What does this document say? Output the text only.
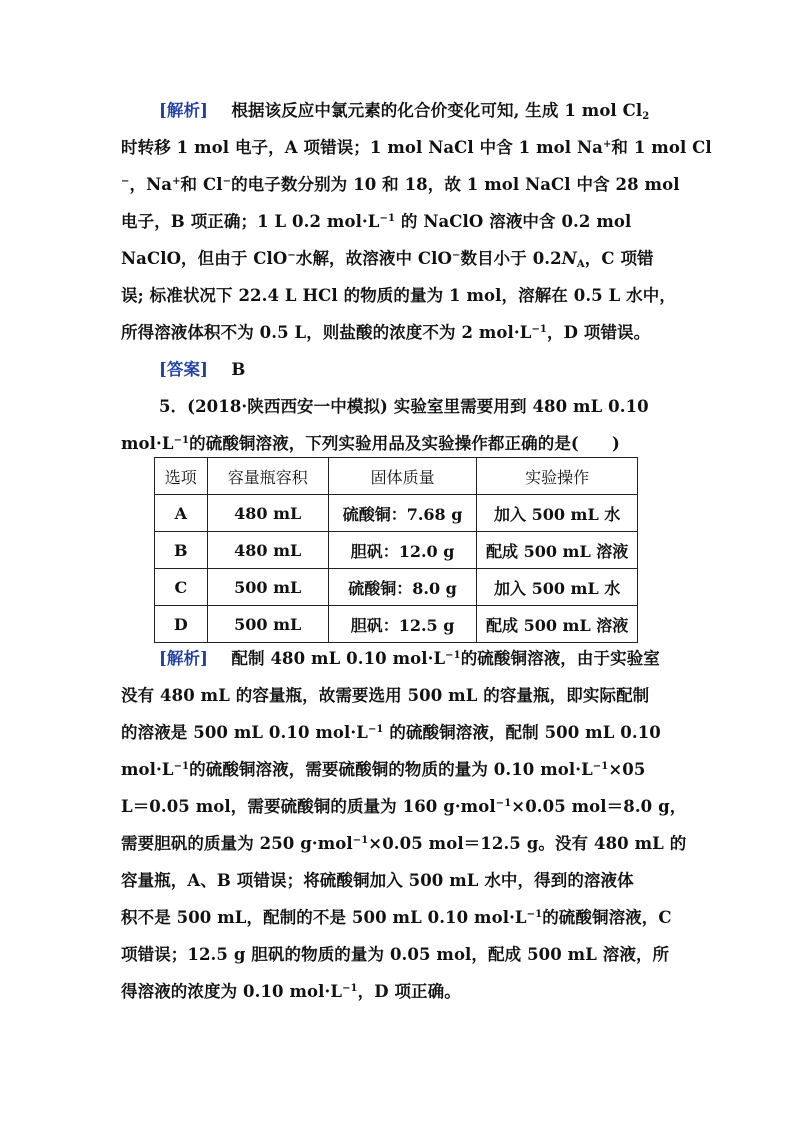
[解析] 根据该反应中氯元素的化合价变化可知, 生成 1 mol $Cl_2$
时转移 1 mol 电子，A 项错误；1 mol NaCl 中含 1 mol Na+和 1 mol Cl
−，Na+和 Cl−的电子数分别为 10 和 18，故 1 mol NaCl 中含 28 mol
电子，B 项正确；1 L 0.2 $mol\cdot L^{-1}$ 的 NaClO 溶液中含 0.2 mol
NaClO，但由于 ClO−水解，故溶液中 ClO−数目小于 $0.2N_A$，C 项错
误; 标准状况下 22.4 L HCl 的物质的量为 1 mol，溶解在 0.5 L 水中，
所得溶液体积不为 0.5 L，则盐酸的浓度不为 2 $mol\cdot L^{-1}$，D 项错误。
[答案] B
5．(2018·陕西西安一中模拟) 实验室里需要用到 480 mL 0.10
$mol\cdot L^{-1}$的硫酸铜溶液，下列实验用品及实验操作都正确的是(　　)
选项	容量瓶容积	固体质量	实验操作
A	480 mL	硫酸铜：7.68 g	加入 500 mL 水
B	480 mL	胆矾：12.0 g	配成 500 mL 溶液
C	500 mL	硫酸铜：8.0 g	加入 500 mL 水
D	500 mL	胆矾：12.5 g	配成 500 mL 溶液
[解析] 配制 480 mL 0.10 $mol\cdot L^{-1}$的硫酸铜溶液，由于实验室
没有 480 mL 的容量瓶，故需要选用 500 mL 的容量瓶，即实际配制
的溶液是 500 mL 0.10 $mol\cdot L^{-1}$ 的硫酸铜溶液，配制 500 mL 0.10
$mol\cdot L^{-1}$的硫酸铜溶液，需要硫酸铜的物质的量为 0.10 $mol\cdot L^{-1}\times 05$
L＝0.05 mol，需要硫酸铜的质量为 160 g·mol$^{-1}$×0.05 mol＝8.0 g，
需要胆矾的质量为 250 g·mol$^{-1}$×0.05 mol＝12.5 g。没有 480 mL 的
容量瓶，A、B 项错误；将硫酸铜加入 500 mL 水中，得到的溶液体
积不是 500 mL，配制的不是 500 mL 0.10 $mol\cdot L^{-1}$的硫酸铜溶液，C
项错误；12.5 g 胆矾的物质的量为 0.05 mol，配成 500 mL 溶液，所
得溶液的浓度为 0.10 $mol\cdot L^{-1}$，D 项正确。
